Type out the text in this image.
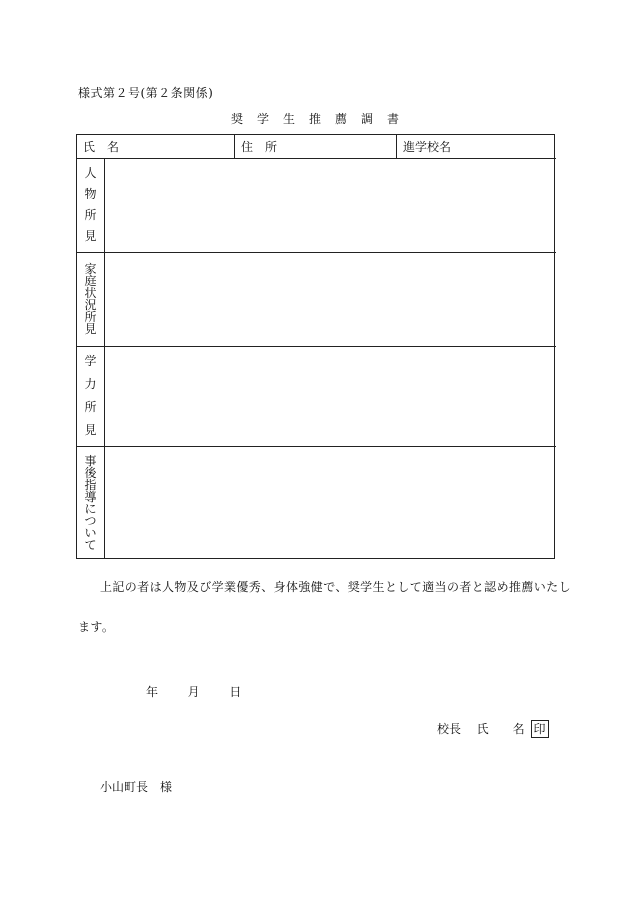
様式第２号(第２条関係)
奨学生推薦調書
氏　名	住　所	進学校名
人
物
所
見
家
庭
状
況
所
見
学
力
所
見
事
後
指
導
に
つ
い
て
上記の者は人物及び学業優秀、身体強健で、奨学生として適当の者と認め推薦いたし
ます。
年 月 日
校長 氏　　名 印
小山町長　様
